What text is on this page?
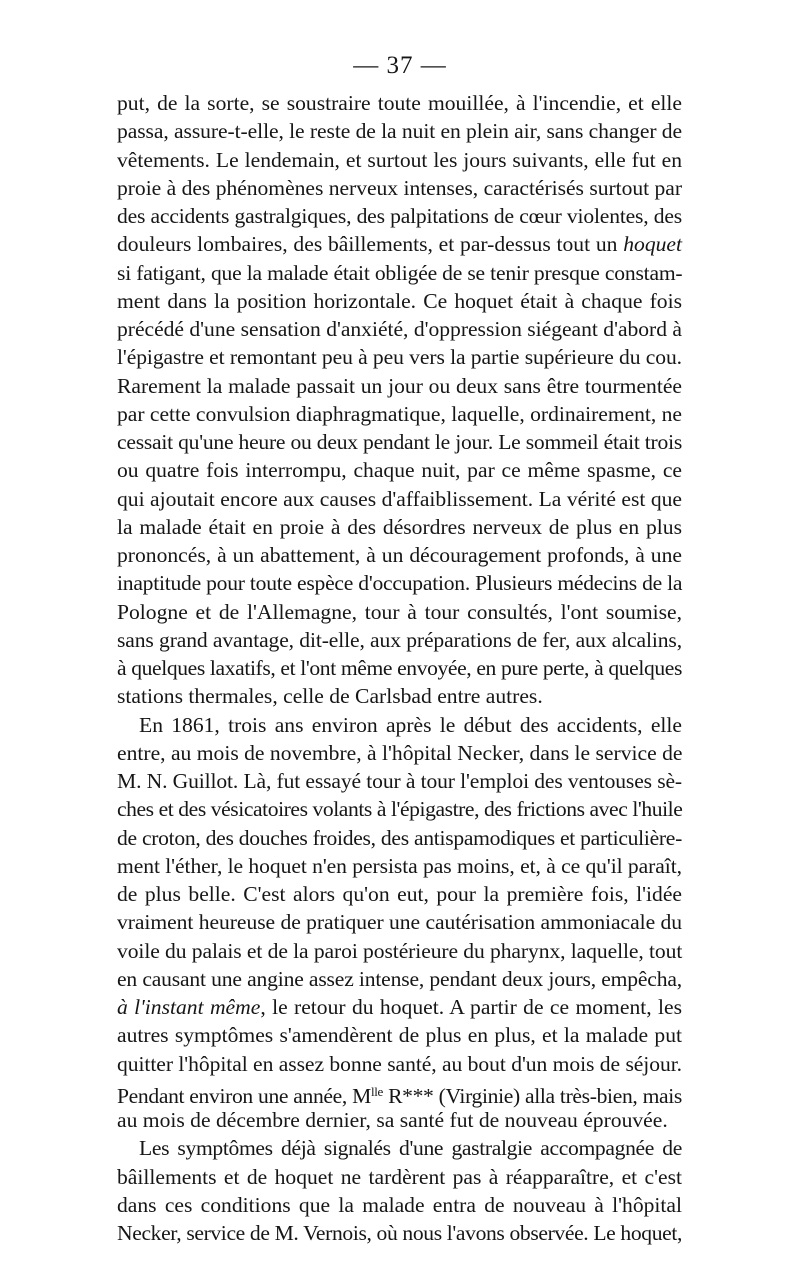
— 37 —
put, de la sorte, se soustraire toute mouillée, à l'incendie, et elle
passa, assure-t-elle, le reste de la nuit en plein air, sans changer de
vêtements. Le lendemain, et surtout les jours suivants, elle fut en
proie à des phénomènes nerveux intenses, caractérisés surtout par
des accidents gastralgiques, des palpitations de cœur violentes, des
douleurs lombaires, des bâillements, et par-dessus tout un hoquet
si fatigant, que la malade était obligée de se tenir presque constam-
ment dans la position horizontale. Ce hoquet était à chaque fois
précédé d'une sensation d'anxiété, d'oppression siégeant d'abord à
l'épigastre et remontant peu à peu vers la partie supérieure du cou.
Rarement la malade passait un jour ou deux sans être tourmentée
par cette convulsion diaphragmatique, laquelle, ordinairement, ne
cessait qu'une heure ou deux pendant le jour. Le sommeil était trois
ou quatre fois interrompu, chaque nuit, par ce même spasme, ce
qui ajoutait encore aux causes d'affaiblissement. La vérité est que
la malade était en proie à des désordres nerveux de plus en plus
prononcés, à un abattement, à un découragement profonds, à une
inaptitude pour toute espèce d'occupation. Plusieurs médecins de la
Pologne et de l'Allemagne, tour à tour consultés, l'ont soumise,
sans grand avantage, dit-elle, aux préparations de fer, aux alcalins,
à quelques laxatifs, et l'ont même envoyée, en pure perte, à quelques
stations thermales, celle de Carlsbad entre autres.
En 1861, trois ans environ après le début des accidents, elle
entre, au mois de novembre, à l'hôpital Necker, dans le service de
M. N. Guillot. Là, fut essayé tour à tour l'emploi des ventouses sè-
ches et des vésicatoires volants à l'épigastre, des frictions avec l'huile
de croton, des douches froides, des antispamodiques et particulière-
ment l'éther, le hoquet n'en persista pas moins, et, à ce qu'il paraît,
de plus belle. C'est alors qu'on eut, pour la première fois, l'idée
vraiment heureuse de pratiquer une cautérisation ammoniacale du
voile du palais et de la paroi postérieure du pharynx, laquelle, tout
en causant une angine assez intense, pendant deux jours, empêcha,
à l'instant même, le retour du hoquet. A partir de ce moment, les
autres symptômes s'amendèrent de plus en plus, et la malade put
quitter l'hôpital en assez bonne santé, au bout d'un mois de séjour.
Pendant environ une année, $M^{lle}$ R*** (Virginie) alla très-bien, mais
au mois de décembre dernier, sa santé fut de nouveau éprouvée.
Les symptômes déjà signalés d'une gastralgie accompagnée de
bâillements et de hoquet ne tardèrent pas à réapparaître, et c'est
dans ces conditions que la malade entra de nouveau à l'hôpital
Necker, service de M. Vernois, où nous l'avons observée. Le hoquet,
